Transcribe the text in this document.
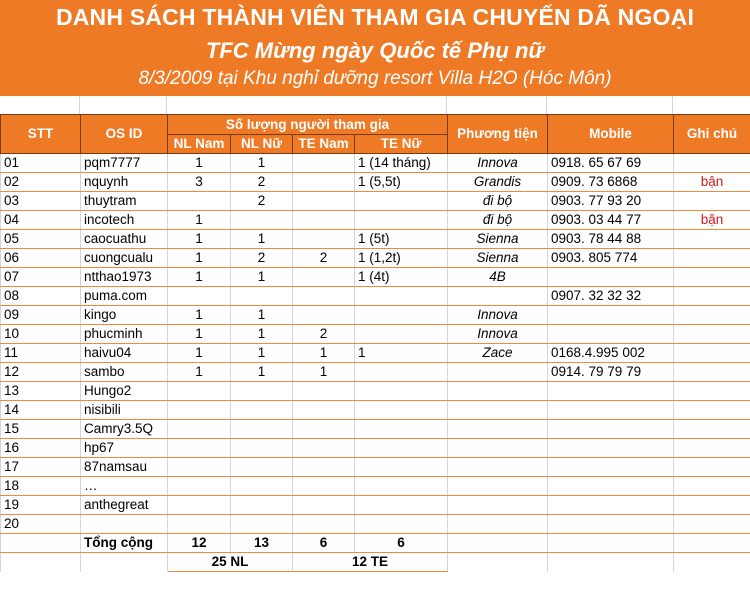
DANH SÁCH THÀNH VIÊN THAM GIA CHUYẾN DÃ NGOẠI
TFC Mừng ngày Quốc tế Phụ nữ
8/3/2009 tại Khu nghỉ dưỡng resort Villa H2O (Hóc Môn)
STT	OS ID	Số lượng người tham gia				Phương tiện	Mobile	Ghi chú
		NL Nam	NL Nữ	TE Nam	TE Nữ			
01	pqm7777	1	1		1 (14 tháng)	Innova	0918. 65 67 69	
02	nquynh	3	2		1 (5,5t)	Grandis	0909. 73 6868	bận
03	thuytram		2			đi bộ	0903. 77 93 20	
04	incotech	1				đi bộ	0903. 03 44 77	bận
05	caocuathu	1	1		1 (5t)	Sienna	0903. 78 44 88	
06	cuongcualu	1	2	2	1 (1,2t)	Sienna	0903. 805 774	
07	ntthao1973	1	1		1 (4t)	4B		
08	puma.com						0907. 32 32 32	
09	kingo	1	1			Innova		
10	phucminh	1	1	2		Innova		
11	haivu04	1	1	1	1	Zace	0168.4.995 002	
12	sambo	1	1	1			0914. 79 79 79	
13	Hungo2							
14	nisibili							
15	Camry3.5Q							
16	hp67							
17	87namsau							
18	…							
19	anthegreat							
20								
	Tổng cộng	12	13	6	6			
		25 NL		12 TE				
